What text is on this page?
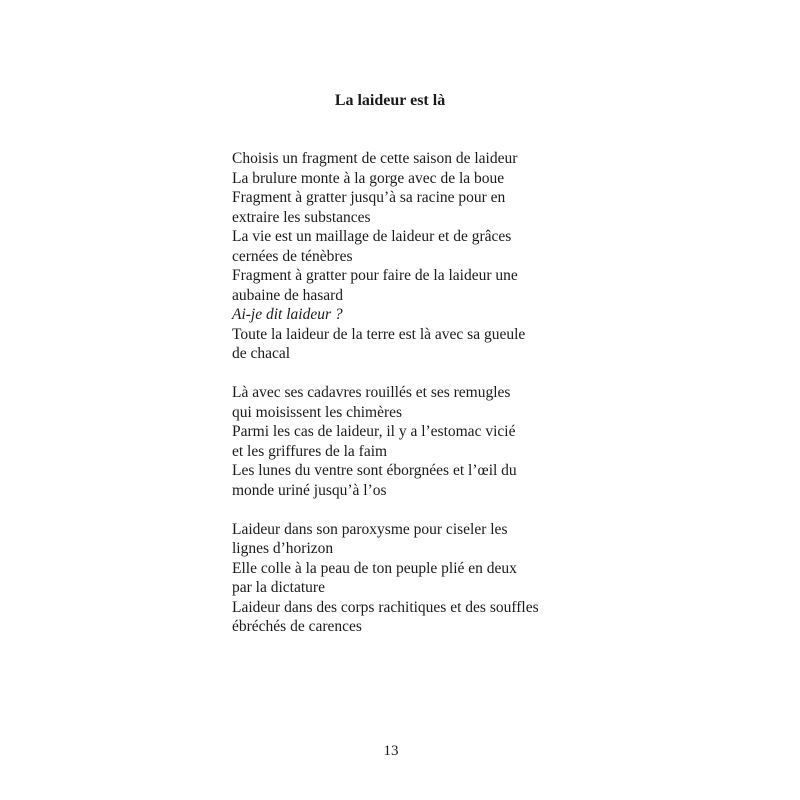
La laideur est là
Choisis un fragment de cette saison de laideur
La brulure monte à la gorge avec de la boue
Fragment à gratter jusqu’à sa racine pour en
extraire les substances
La vie est un maillage de laideur et de grâces
cernées de ténèbres
Fragment à gratter pour faire de la laideur une
aubaine de hasard
Ai-je dit laideur ?
Toute la laideur de la terre est là avec sa gueule
de chacal
Là avec ses cadavres rouillés et ses remugles
qui moisissent les chimères
Parmi les cas de laideur, il y a l’estomac vicié
et les griffures de la faim
Les lunes du ventre sont éborgnées et l’œil du
monde uriné jusqu’à l’os
Laideur dans son paroxysme pour ciseler les
lignes d’horizon
Elle colle à la peau de ton peuple plié en deux
par la dictature
Laideur dans des corps rachitiques et des souffles
ébréchés de carences
13
